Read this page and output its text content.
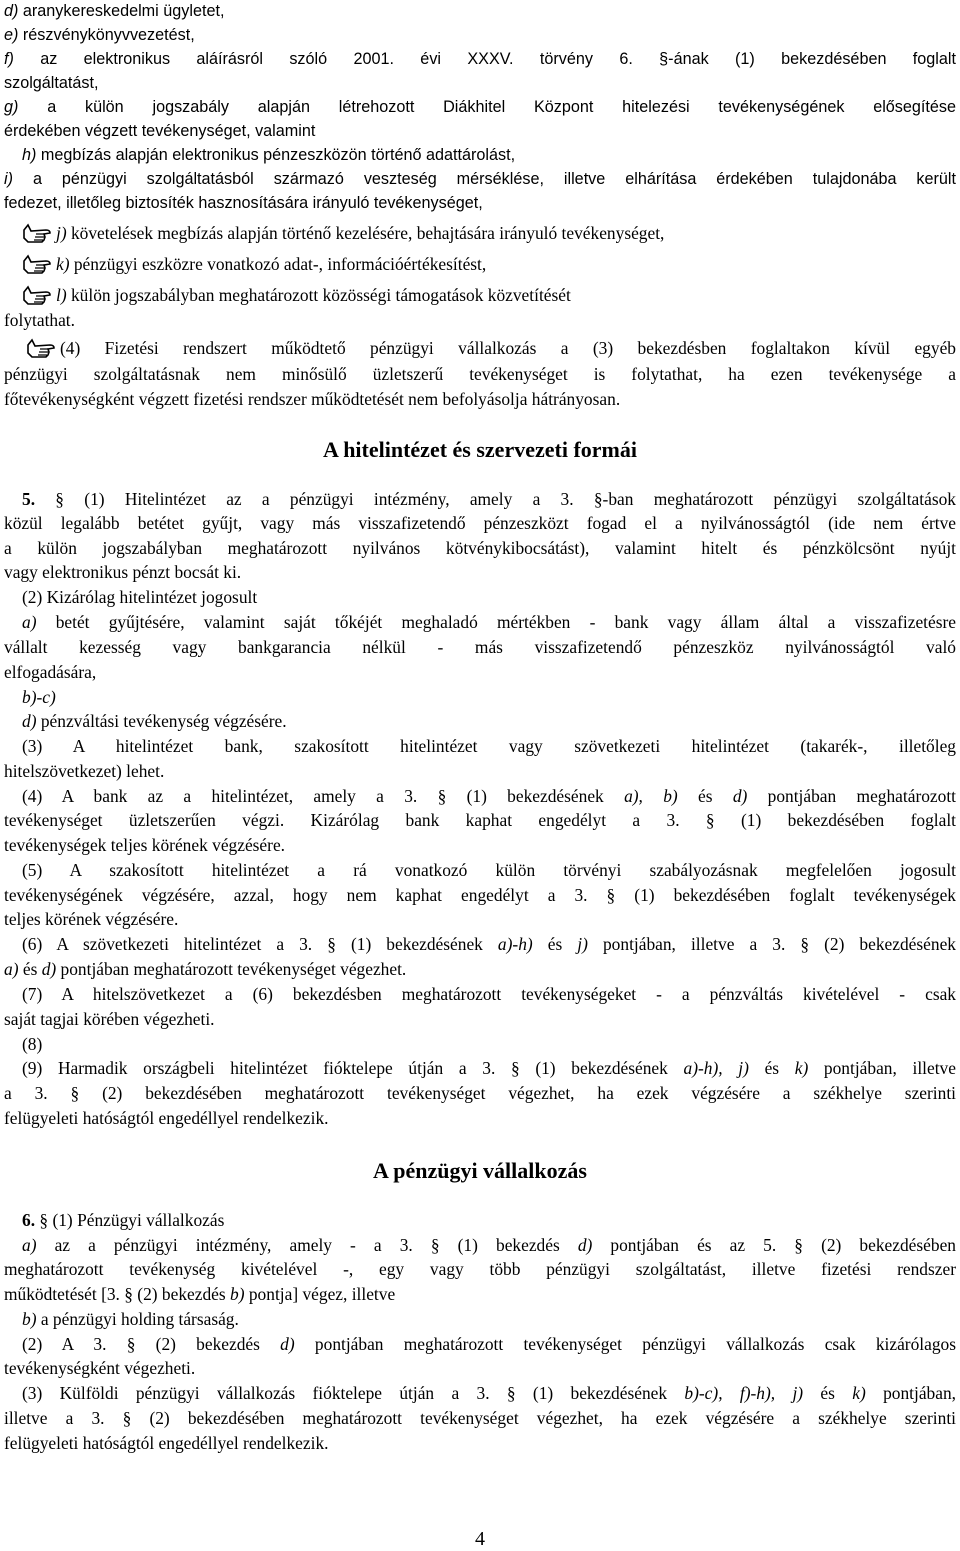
d) aranykereskedelmi ügyletet,
e) részvénykönyvvezetést,
f) az elektronikus aláírásról szóló 2001. évi XXXV. törvény 6. §-ának (1) bekezdésében foglalt
szolgáltatást,
g) a külön jogszabály alapján létrehozott Diákhitel Központ hitelezési tevékenységének elősegítése
érdekében végzett tevékenységet, valamint
h) megbízás alapján elektronikus pénzeszközön történő adattárolást,
i) a pénzügyi szolgáltatásból származó veszteség mérséklése, illetve elhárítása érdekében tulajdonába került
fedezet, illetőleg biztosíték hasznosítására irányuló tevékenységet,
j) követelések megbízás alapján történő kezelésére, behajtására irányuló tevékenységet,
k) pénzügyi eszközre vonatkozó adat-, információértékesítést,
l) külön jogszabályban meghatározott közösségi támogatások közvetítését
folytathat.
(4) Fizetési rendszert működtető pénzügyi vállalkozás a (3) bekezdésben foglaltakon kívül egyéb
pénzügyi szolgáltatásnak nem minősülő üzletszerű tevékenységet is folytathat, ha ezen tevékenysége a
főtevékenységként végzett fizetési rendszer működtetését nem befolyásolja hátrányosan.
A hitelintézet és szervezeti formái
5. § (1) Hitelintézet az a pénzügyi intézmény, amely a 3. §-ban meghatározott pénzügyi szolgáltatások
közül legalább betétet gyűjt, vagy más visszafizetendő pénzeszközt fogad el a nyilvánosságtól (ide nem értve
a külön jogszabályban meghatározott nyilvános kötvénykibocsátást), valamint hitelt és pénzkölcsönt nyújt
vagy elektronikus pénzt bocsát ki.
(2) Kizárólag hitelintézet jogosult
a) betét gyűjtésére, valamint saját tőkéjét meghaladó mértékben - bank vagy állam által a visszafizetésre
vállalt kezesség vagy bankgarancia nélkül - más visszafizetendő pénzeszköz nyilvánosságtól való
elfogadására,
b)-c)
d) pénzváltási tevékenység végzésére.
(3) A hitelintézet bank, szakosított hitelintézet vagy szövetkezeti hitelintézet (takarék-, illetőleg
hitelszövetkezet) lehet.
(4) A bank az a hitelintézet, amely a 3. § (1) bekezdésének a), b) és d) pontjában meghatározott
tevékenységet üzletszerűen végzi. Kizárólag bank kaphat engedélyt a 3. § (1) bekezdésében foglalt
tevékenységek teljes körének végzésére.
(5) A szakosított hitelintézet a rá vonatkozó külön törvényi szabályozásnak megfelelően jogosult
tevékenységének végzésére, azzal, hogy nem kaphat engedélyt a 3. § (1) bekezdésében foglalt tevékenységek
teljes körének végzésére.
(6) A szövetkezeti hitelintézet a 3. § (1) bekezdésének a)-h) és j) pontjában, illetve a 3. § (2) bekezdésének
a) és d) pontjában meghatározott tevékenységet végezhet.
(7) A hitelszövetkezet a (6) bekezdésben meghatározott tevékenységeket - a pénzváltás kivételével - csak
saját tagjai körében végezheti.
(8)
(9) Harmadik országbeli hitelintézet fióktelepe útján a 3. § (1) bekezdésének a)-h), j) és k) pontjában, illetve
a 3. § (2) bekezdésében meghatározott tevékenységet végezhet, ha ezek végzésére a székhelye szerinti
felügyeleti hatóságtól engedéllyel rendelkezik.
A pénzügyi vállalkozás
6. § (1) Pénzügyi vállalkozás
a) az a pénzügyi intézmény, amely - a 3. § (1) bekezdés d) pontjában és az 5. § (2) bekezdésében
meghatározott tevékenység kivételével -, egy vagy több pénzügyi szolgáltatást, illetve fizetési rendszer
működtetését [3. § (2) bekezdés b) pontja] végez, illetve
b) a pénzügyi holding társaság.
(2) A 3. § (2) bekezdés d) pontjában meghatározott tevékenységet pénzügyi vállalkozás csak kizárólagos
tevékenységként végezheti.
(3) Külföldi pénzügyi vállalkozás fióktelepe útján a 3. § (1) bekezdésének b)-c), f)-h), j) és k) pontjában,
illetve a 3. § (2) bekezdésében meghatározott tevékenységet végezhet, ha ezek végzésére a székhelye szerinti
felügyeleti hatóságtól engedéllyel rendelkezik.
4
